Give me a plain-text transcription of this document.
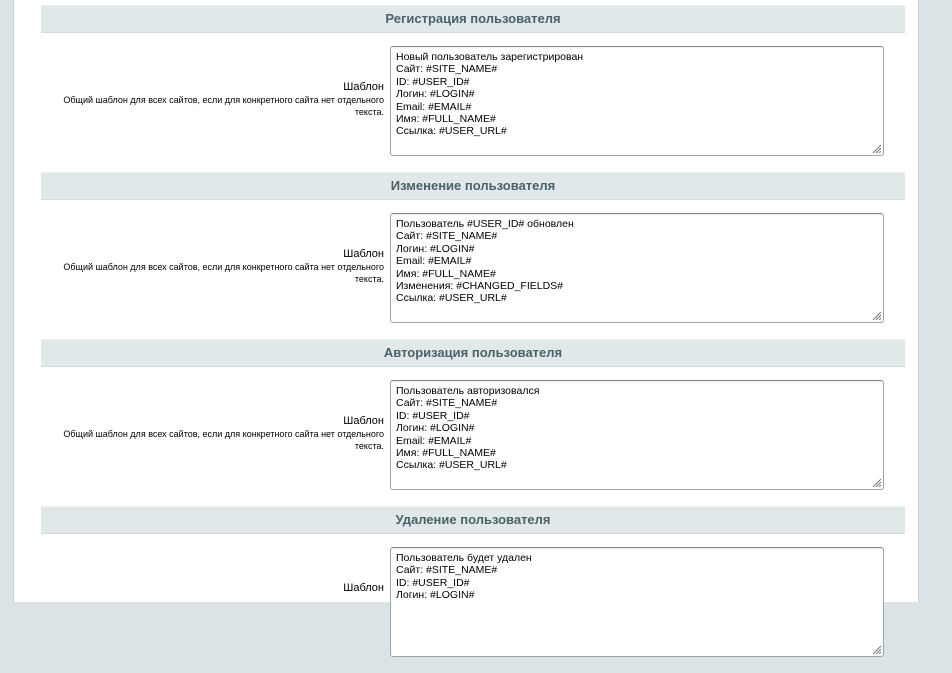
Регистрация пользователя
Шаблон
Общий шаблон для всех сайтов, если для конкретного сайта нет отдельного текста.
Новый пользователь зарегистрирован
Сайт: #SITE_NAME#
ID: #USER_ID#
Логин: #LOGIN#
Email: #EMAIL#
Имя: #FULL_NAME#
Ссылка: #USER_URL#
Изменение пользователя
Шаблон
Общий шаблон для всех сайтов, если для конкретного сайта нет отдельного текста.
Пользователь #USER_ID# обновлен
Сайт: #SITE_NAME#
Логин: #LOGIN#
Email: #EMAIL#
Имя: #FULL_NAME#
Изменения: #CHANGED_FIELDS#
Ссылка: #USER_URL#
Авторизация пользователя
Шаблон
Общий шаблон для всех сайтов, если для конкретного сайта нет отдельного текста.
Пользователь авторизовался
Сайт: #SITE_NAME#
ID: #USER_ID#
Логин: #LOGIN#
Email: #EMAIL#
Имя: #FULL_NAME#
Ссылка: #USER_URL#
Удаление пользователя
Шаблон
Пользователь будет удален
Сайт: #SITE_NAME#
ID: #USER_ID#
Логин: #LOGIN#
